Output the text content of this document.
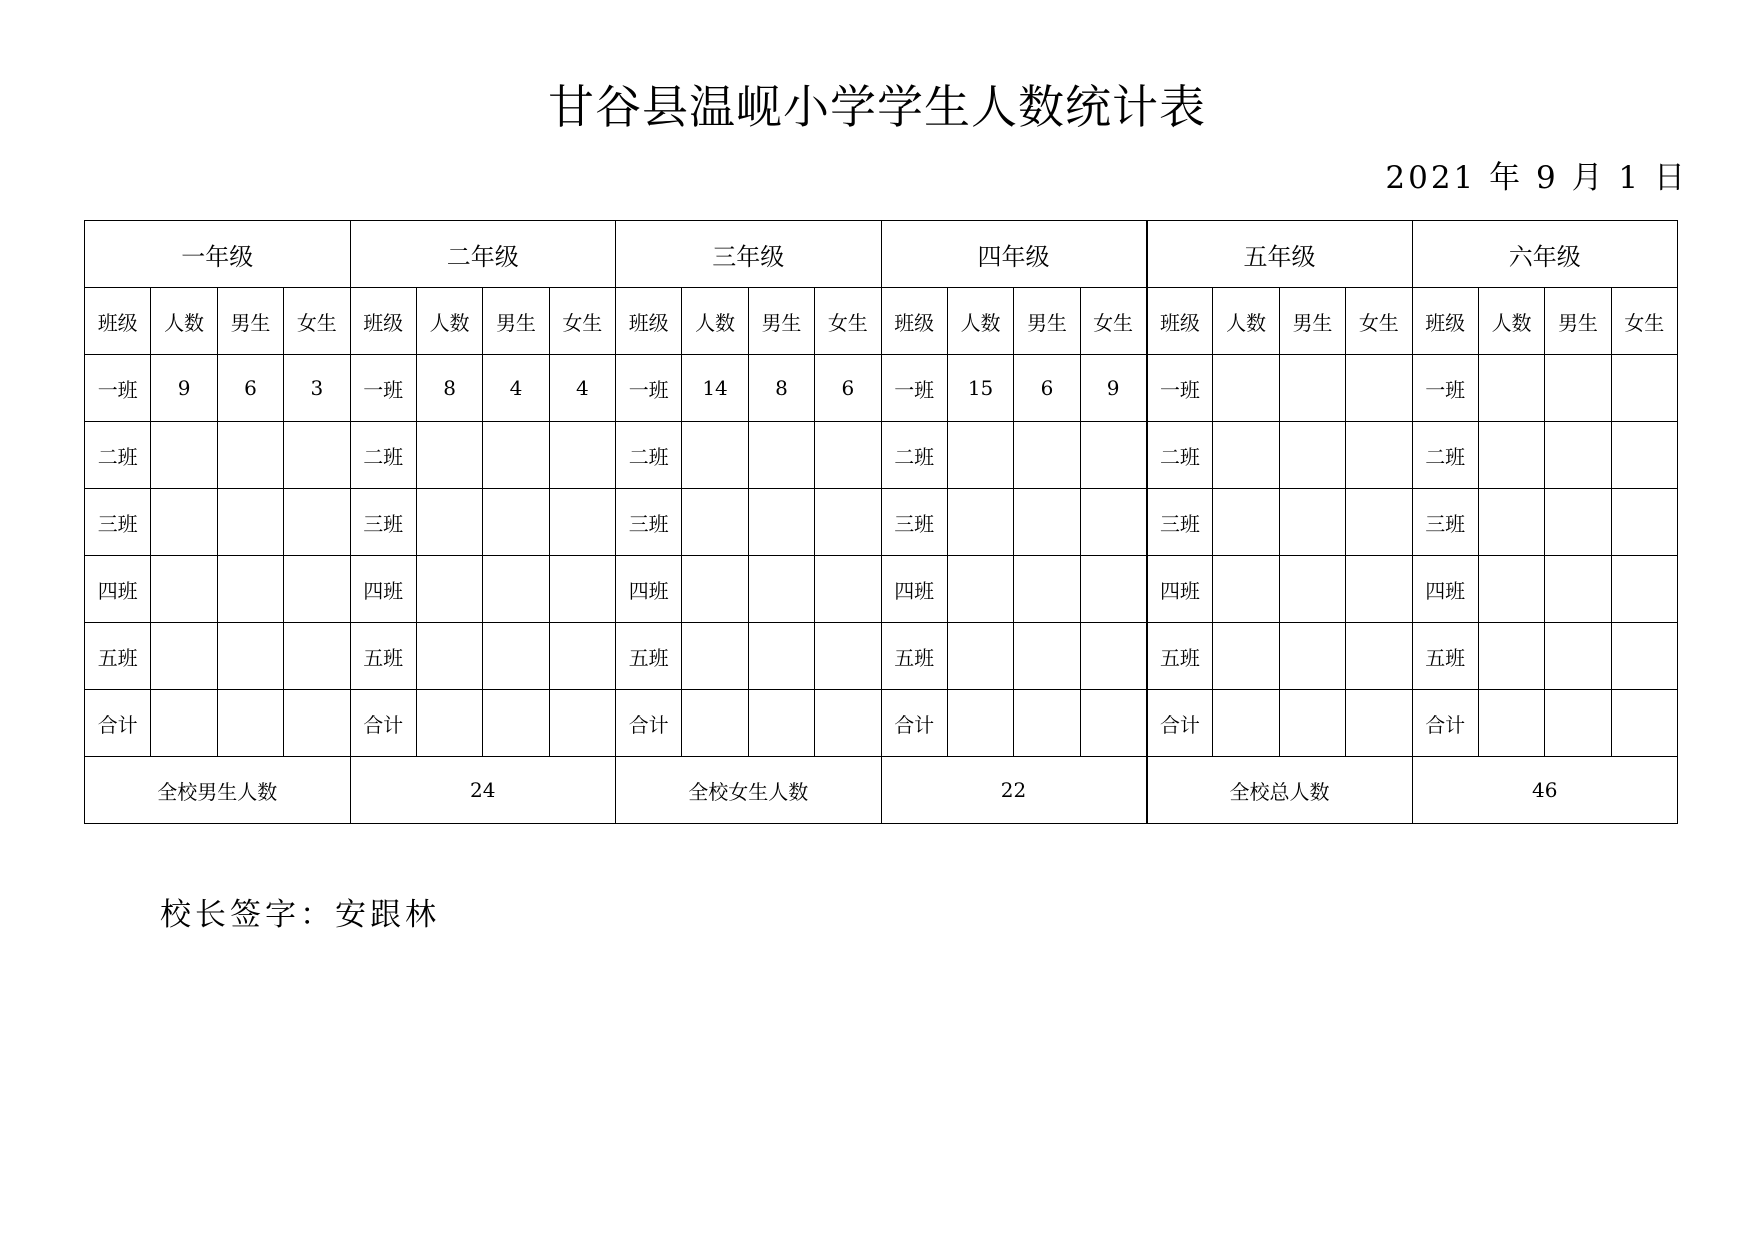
甘谷县温岘小学学生人数统计表
2021 年 9 月 1 日
一年级				二年级				三年级				四年级				五年级				六年级			
班级	人数	男生	女生	班级	人数	男生	女生	班级	人数	男生	女生	班级	人数	男生	女生	班级	人数	男生	女生	班级	人数	男生	女生
一班	9	6	3	一班	8	4	4	一班	14	8	6	一班	15	6	9	一班				一班			
二班				二班				二班				二班				二班				二班			
三班				三班				三班				三班				三班				三班			
四班				四班				四班				四班				四班				四班			
五班				五班				五班				五班				五班				五班			
合计				合计				合计				合计				合计				合计			
全校男生人数				24				全校女生人数				22				全校总人数				46			
校长签字：安跟林
